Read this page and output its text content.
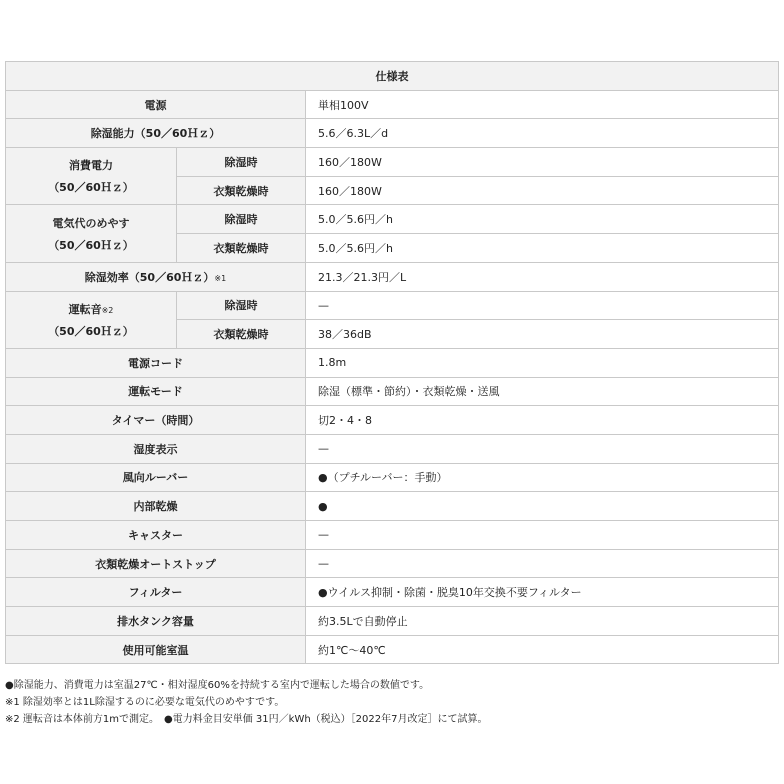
仕様表		
電源		単相100V
除湿能力（50／60Ｈｚ）		5.6／6.3L／d
消費電力
（50／60Ｈｚ）	除湿時	160／180W
	衣類乾燥時	160／180W
電気代のめやす
（50／60Ｈｚ）	除湿時	5.0／5.6円／h
	衣類乾燥時	5.0／5.6円／h
除湿効率（50／60Ｈｚ）※1		21.3／21.3円／L
運転音※2
（50／60Ｈｚ）	除湿時	—
	衣類乾燥時	38／36dB
電源コード		1.8m
運転モード		除湿（標準・節約）・衣類乾燥・送風
タイマー（時間）		切2・4・8
湿度表示		—
風向ルーバー		●（プチルーバー：手動）
内部乾燥		●
キャスター		—
衣類乾燥オートストップ		—
フィルター		●ウイルス抑制・除菌・脱臭10年交換不要フィルター
排水タンク容量		約3.5Lで自動停止
使用可能室温		約1℃〜40℃
●除湿能力、消費電力は室温27℃・相対湿度60%を持続する室内で運転した場合の数値です。
※1 除湿効率とは1L除湿するのに必要な電気代のめやすです。
※2 運転音は本体前方1mで測定。　●電力料金目安単価 31円／kWh（税込）［2022年7月改定］にて試算。
